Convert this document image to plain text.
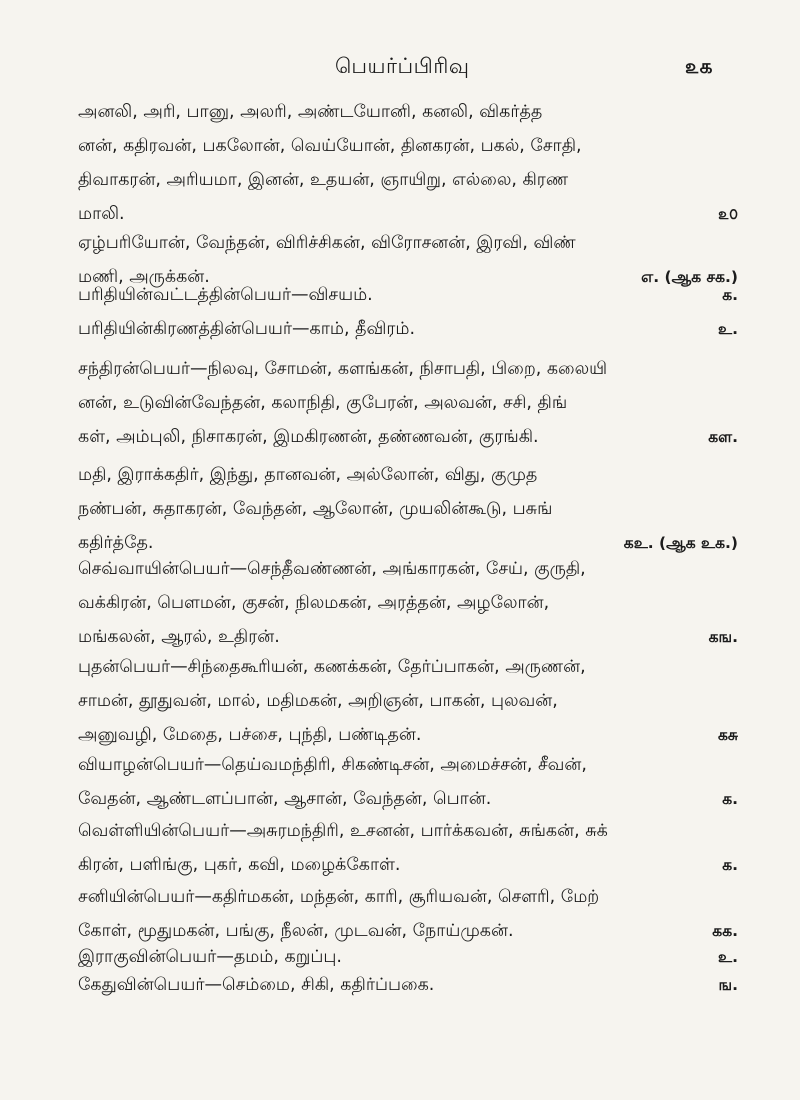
பெயர்ப்பிரிவு	௨௧
அனலி, அரி, பானு, அலரி, அண்டயோனி, கனலி, விகர்த்த
னன், கதிரவன், பகலோன், வெய்யோன், தினகரன், பகல், சோதி,
திவாகரன், அரியமா, இனன், உதயன், ஞாயிறு, எல்லை, கிரண
மாலி.	௨௦
ஏழ்பரியோன், வேந்தன், விரிச்சிகன், விரோசனன், இரவி, விண்
மணி, அருக்கன்.	எ. (ஆக சக.)
பரிதியின்வட்டத்தின்பெயர்—விசயம்.	க.
பரிதியின்கிரணத்தின்பெயர்—காம், தீவிரம்.	உ.
சந்திரன்பெயர்—நிலவு, சோமன், களங்கன், நிசாபதி, பிறை, கலையி
னன், உடுவின்வேந்தன், கலாநிதி, குபேரன், அலவன், சசி, திங்
கள், அம்புலி, நிசாகரன், இமகிரணன், தண்ணவன், குரங்கி.	கள.
மதி, இராக்கதிர், இந்து, தானவன், அல்லோன், விது, குமுத
நண்பன், சுதாகரன், வேந்தன், ஆலோன், முயலின்கூடு, பசுங்
கதிர்த்தே.	கஉ. (ஆக உக.)
செவ்வாயின்பெயர்—செந்தீவண்ணன், அங்காரகன், சேய், குருதி,
வக்கிரன், பௌமன், குசன், நிலமகன், அரத்தன், அழலோன்,
மங்கலன், ஆரல், உதிரன்.	கங.
புதன்பெயர்—சிந்தைகூரியன், கணக்கன், தேர்ப்பாகன், அருணன்,
சாமன், தூதுவன், மால், மதிமகன், அறிஞன், பாகன், புலவன்,
அனுவழி, மேதை, பச்சை, புந்தி, பண்டிதன்.	கசு
வியாழன்பெயர்—தெய்வமந்திரி, சிகண்டிசன், அமைச்சன், சீவன்,
வேதன், ஆண்டளப்பான், ஆசான், வேந்தன், பொன்.	க.
வெள்ளியின்பெயர்—அசுரமந்திரி, உசனன், பார்க்கவன், சுங்கன், சுக்
கிரன், பளிங்கு, புகர், கவி, மழைக்கோள்.	க.
சனியின்பெயர்—கதிர்மகன், மந்தன், காரி, சூரியவன், சௌரி, மேற்
கோள், மூதுமகன், பங்கு, நீலன், முடவன், நோய்முகன்.	கக.
இராகுவின்பெயர்—தமம், கறுப்பு.	உ.
கேதுவின்பெயர்—செம்மை, சிகி, கதிர்ப்பகை.	ங.
